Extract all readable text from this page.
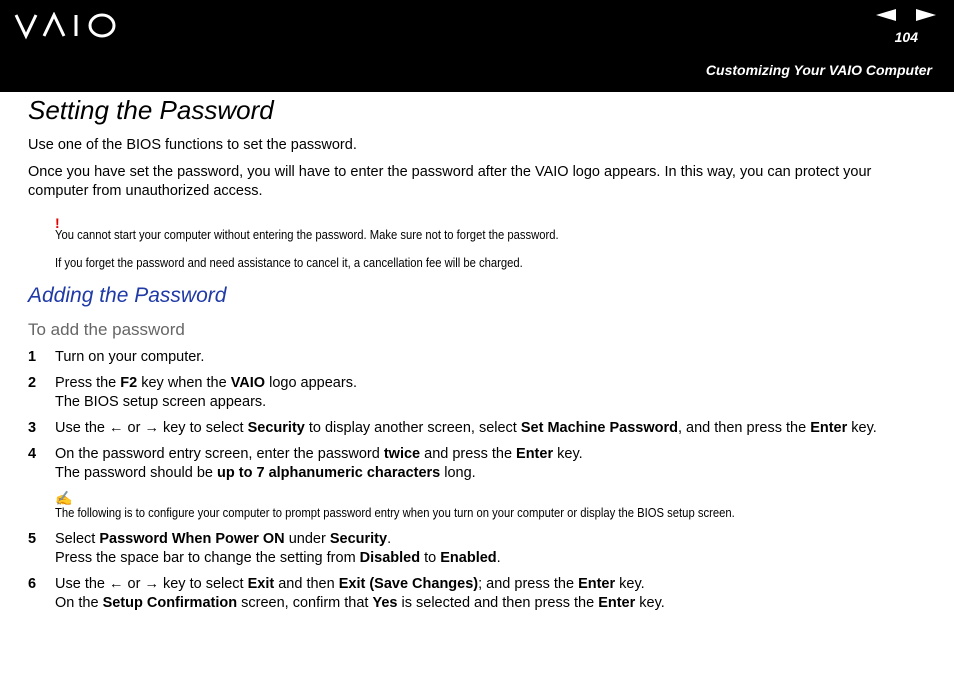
104
Customizing Your VAIO Computer
Setting the Password

Use one of the BIOS functions to set the password.

Once you have set the password, you will have to enter the password after the VAIO logo appears. In this way, you can protect your computer from unauthorized access.

!

You cannot start your computer without entering the password. Make sure not to forget the password.

If you forget the password and need assistance to cancel it, a cancellation fee will be charged.

Adding the Password
To add the password
1 Turn on your computer.
2 Press the F2 key when the VAIO logo appears.
The BIOS setup screen appears.
3 Use the ← or → key to select Security to display another screen, select Set Machine Password, and then press the Enter key.
4 On the password entry screen, enter the password twice and press the Enter key.
The password should be up to 7 alphanumeric characters long.
✍

The following is to configure your computer to prompt password entry when you turn on your computer or display the BIOS setup screen.

5 Select Password When Power ON under Security.
Press the space bar to change the setting from Disabled to Enabled.
6 Use the ← or → key to select Exit and then Exit (Save Changes); and press the Enter key.
On the Setup Confirmation screen, confirm that Yes is selected and then press the Enter key.
